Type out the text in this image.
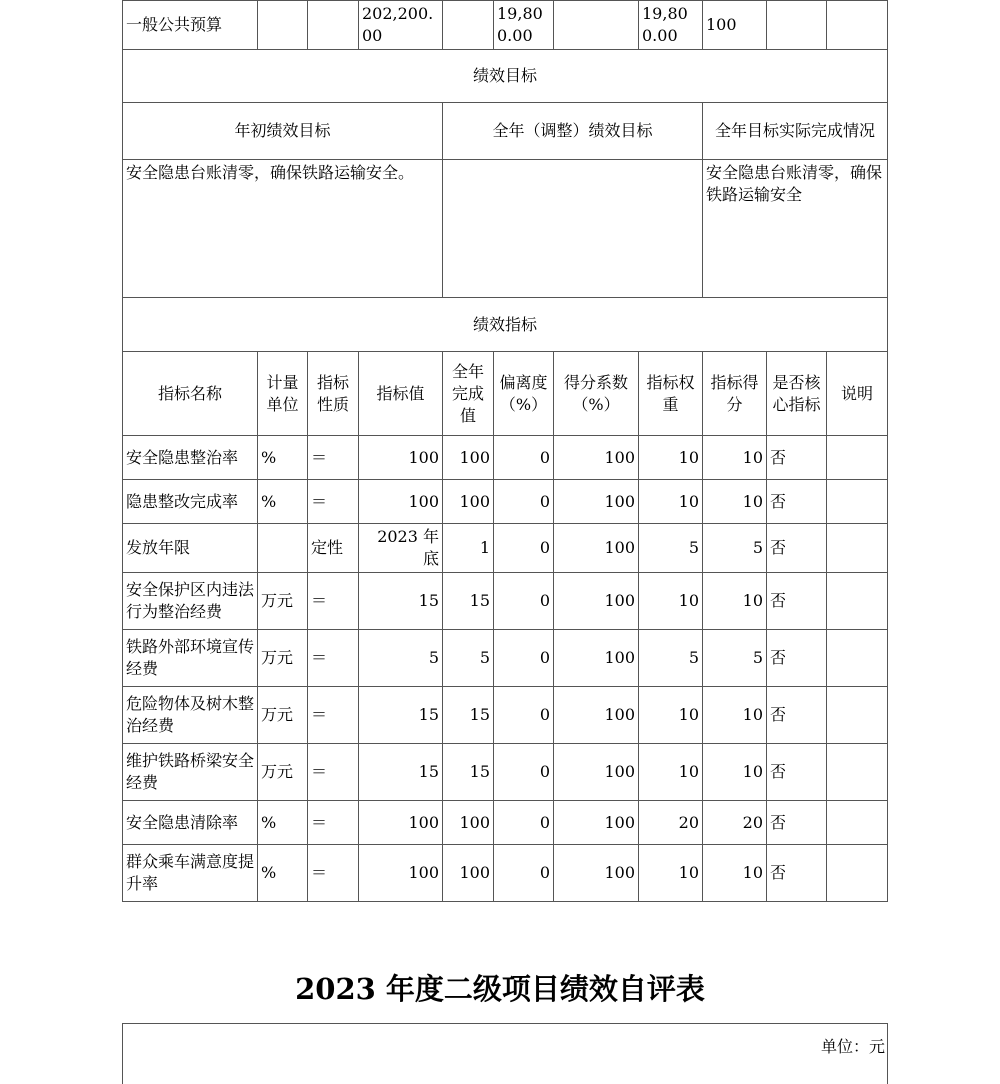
一般公共预算			202,200.00		19,800.00		19,800.00	100		
绩效目标										
年初绩效目标				全年（调整）绩效目标				全年目标实际完成情况		
安全隐患台账清零，确保铁路运输安全。								安全隐患台账清零，确保铁路运输安全		
绩效指标										
指标名称	计量单位	指标性质	指标值	全年完成值	偏离度（%）	得分系数（%）	指标权重	指标得分	是否核心指标	说明
安全隐患整治率	%	＝	100	100	0	100	10	10	否	
隐患整改完成率	%	＝	100	100	0	100	10	10	否	
发放年限		定性	2023 年底	1	0	100	5	5	否	
安全保护区内违法行为整治经费	万元	＝	15	15	0	100	10	10	否	
铁路外部环境宣传经费	万元	＝	5	5	0	100	5	5	否	
危险物体及树木整治经费	万元	＝	15	15	0	100	10	10	否	
维护铁路桥梁安全经费	万元	＝	15	15	0	100	10	10	否	
安全隐患清除率	%	＝	100	100	0	100	20	20	否	
群众乘车满意度提升率	%	＝	100	100	0	100	10	10	否	
2023 年度二级项目绩效自评表
单位：元
